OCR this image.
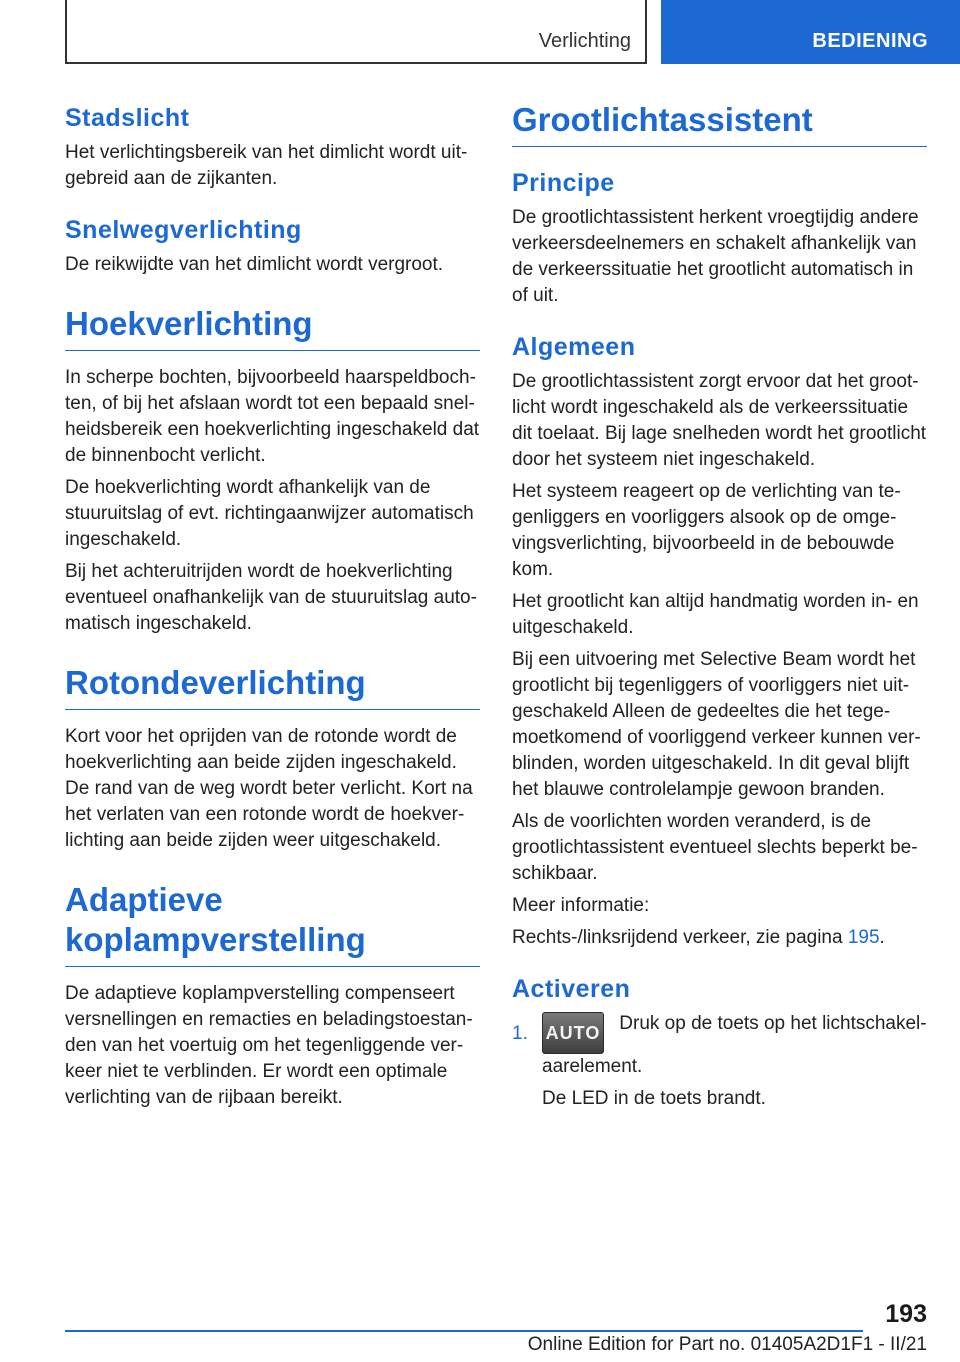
Verlichting	BEDIENING
Stadslicht

Het verlichtingsbereik van het dimlicht wordt uitgebreid aan de zijkanten.

Snelwegverlichting

De reikwijdte van het dimlicht wordt vergroot.

Hoekverlichting

In scherpe bochten, bijvoorbeeld haarspeldbochten, of bij het afslaan wordt tot een bepaald snelheidsbereik een hoekverlichting ingeschakeld dat de binnenbocht verlicht.

De hoekverlichting wordt afhankelijk van de stuuruitslag of evt. richtingaanwijzer automatisch ingeschakeld.

Bij het achteruitrijden wordt de hoekverlichting eventueel onafhankelijk van de stuuruitslag automatisch ingeschakeld.

Rotondeverlichting

Kort voor het oprijden van de rotonde wordt de hoekverlichting aan beide zijden ingeschakeld. De rand van de weg wordt beter verlicht. Kort na het verlaten van een rotonde wordt de hoekverlichting aan beide zijden weer uitgeschakeld.

Adaptieve
koplampverstelling

De adaptieve koplampverstelling compenseert versnellingen en remacties en beladingstoestanden van het voertuig om het tegenliggende verkeer niet te verblinden. Er wordt een optimale verlichting van de rijbaan bereikt.

Grootlichtassistent
Principe

De grootlichtassistent herkent vroegtijdig andere verkeersdeelnemers en schakelt afhankelijk van de verkeerssituatie het grootlicht automatisch in of uit.

Algemeen

De grootlichtassistent zorgt ervoor dat het grootlicht wordt ingeschakeld als de verkeerssituatie dit toelaat. Bij lage snelheden wordt het grootlicht door het systeem niet ingeschakeld.

Het systeem reageert op de verlichting van tegenliggers en voorliggers alsook op de omgevingsverlichting, bijvoorbeeld in de bebouwde kom.

Het grootlicht kan altijd handmatig worden in- en uitgeschakeld.

Bij een uitvoering met Selective Beam wordt het grootlicht bij tegenliggers of voorliggers niet uitgeschakeld Alleen de gedeeltes die het tegemoetkomend of voorliggend verkeer kunnen verblinden, worden uitgeschakeld. In dit geval blijft het blauwe controlelampje gewoon branden.

Als de voorlichten worden veranderd, is de grootlichtassistent eventueel slechts beperkt beschikbaar.

Meer informatie:

Rechts-/linksrijdend verkeer, zie pagina 195.

Activeren
1. AUTO Druk op de toets op het lichtschakelaarelement.

De LED in de toets brandt.

193
Online Edition for Part no. 01405A2D1F1 - II/21
